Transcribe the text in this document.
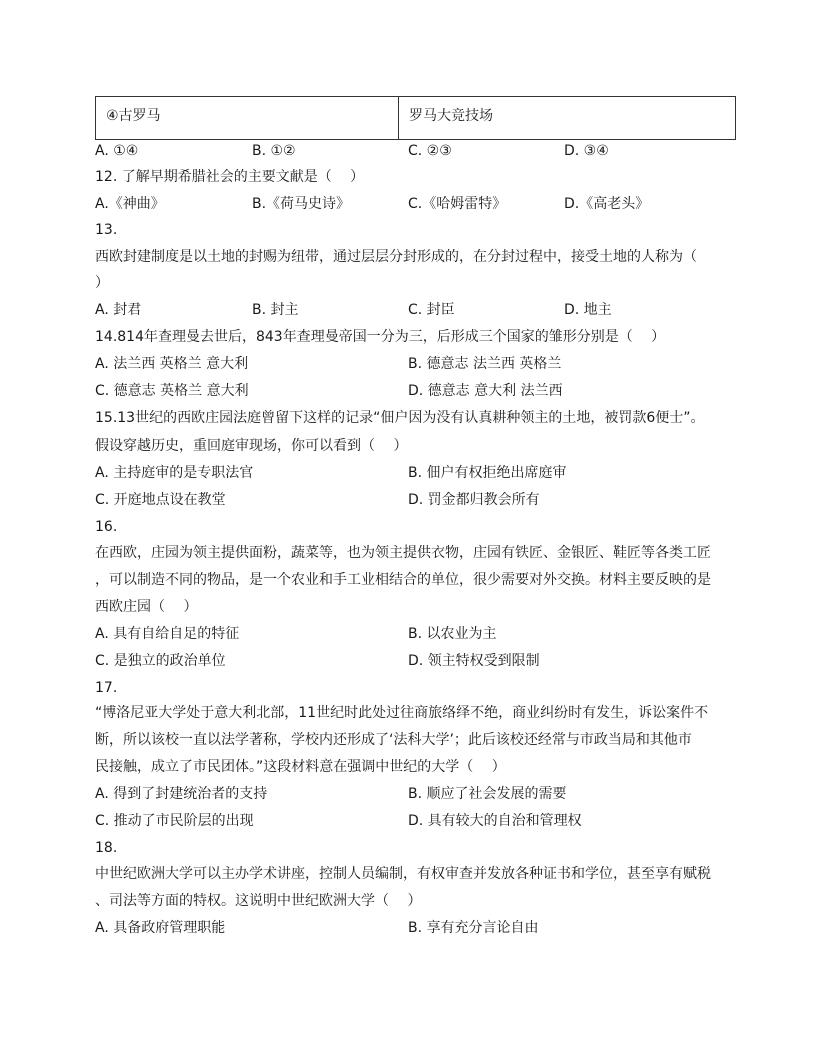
④古罗马	罗马大竞技场
A. ①④	B. ①②	C. ②③	D. ③④
12. 了解早期希腊社会的主要文献是（　 ）
A.《神曲》	B.《荷马史诗》	C.《哈姆雷特》	D.《高老头》
13.
西欧封建制度是以土地的封赐为纽带，通过层层分封形成的，在分封过程中，接受土地的人称为（
）
A. 封君	B. 封主	C. 封臣	D. 地主
14.814年查理曼去世后，843年查理曼帝国一分为三，后形成三个国家的雏形分别是（　 ）
A. 法兰西 英格兰 意大利	B. 德意志 法兰西 英格兰
C. 德意志 英格兰 意大利	D. 德意志 意大利 法兰西
15.13世纪的西欧庄园法庭曾留下这样的记录“佃户因为没有认真耕种领主的土地，被罚款6便士”。
假设穿越历史，重回庭审现场，你可以看到（　 ）
A. 主持庭审的是专职法官	B. 佃户有权拒绝出席庭审
C. 开庭地点设在教堂	D. 罚金都归教会所有
16.
在西欧，庄园为领主提供面粉，蔬菜等，也为领主提供衣物，庄园有铁匠、金银匠、鞋匠等各类工匠
，可以制造不同的物品，是一个农业和手工业相结合的单位，很少需要对外交换。材料主要反映的是
西欧庄园（　 ）
A. 具有自给自足的特征	B. 以农业为主
C. 是独立的政治单位	D. 领主特权受到限制
17.
“博洛尼亚大学处于意大利北部，11世纪时此处过往商旅络绎不绝，商业纠纷时有发生，诉讼案件不
断，所以该校一直以法学著称，学校内还形成了‘法科大学’；此后该校还经常与市政当局和其他市
民接触，成立了市民团体。”这段材料意在强调中世纪的大学（　 ）
A. 得到了封建统治者的支持	B. 顺应了社会发展的需要
C. 推动了市民阶层的出现	D. 具有较大的自治和管理权
18.
中世纪欧洲大学可以主办学术讲座，控制人员编制，有权审查并发放各种证书和学位，甚至享有赋税
、司法等方面的特权。这说明中世纪欧洲大学（　 ）
A. 具备政府管理职能	B. 享有充分言论自由
